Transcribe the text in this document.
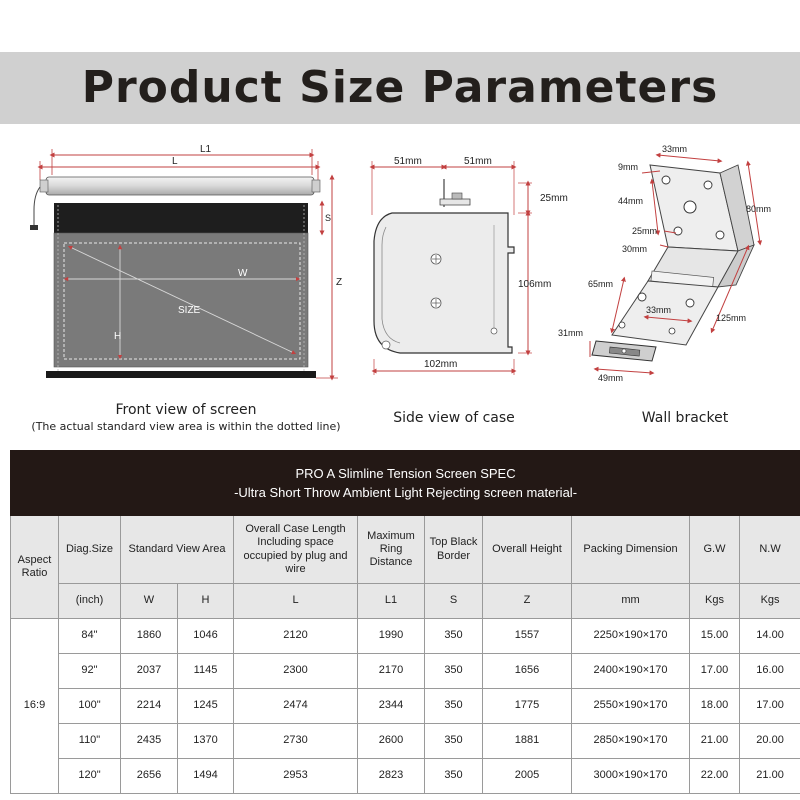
Product Size Parameters
L1
L
W
SIZE
H
S
Z
51mm	51mm
25mm
106mm
102mm
33mm
9mm
80mm
44mm
25mm
30mm
65mm
33mm
125mm
31mm
49mm
Front view of screen
(The actual standard view area is within the dotted line)
Side view of case	Wall bracket
PRO A Slimline Tension Screen SPEC
-Ultra Short Throw Ambient Light Rejecting screen material-										

Aspect Ratio	Diag.Size	Standard View Area		Overall Case Length Including space occupied by plug and wire	Maximum Ring Distance	Top Black Border	Overall Height	Packing Dimension	G.W	N.W
	(inch)	W	H	L	L1	S	Z	mm	Kgs	Kgs
16:9	84"	1860	1046	2120	1990	350	1557	2250×190×170	15.00	14.00
	92"	2037	1145	2300	2170	350	1656	2400×190×170	17.00	16.00
	100"	2214	1245	2474	2344	350	1775	2550×190×170	18.00	17.00
	110"	2435	1370	2730	2600	350	1881	2850×190×170	21.00	20.00
	120"	2656	1494	2953	2823	350	2005	3000×190×170	22.00	21.00
